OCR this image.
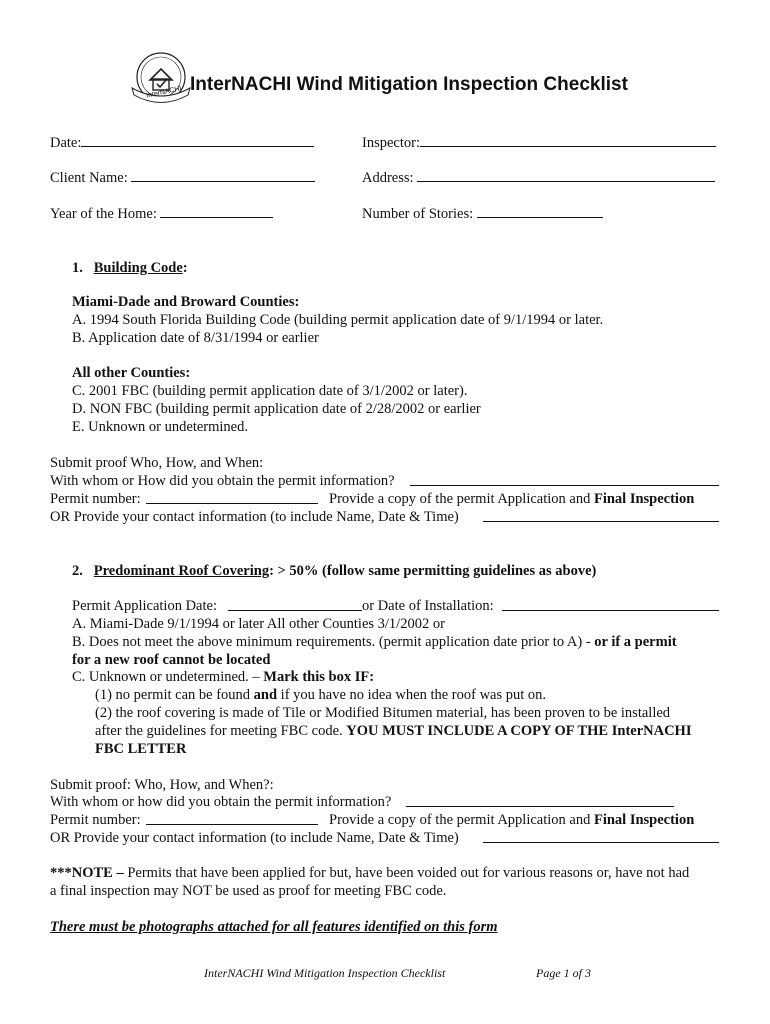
InterNACHI InterNACHI Wind Mitigation Inspection Checklist
Date:	Inspector:
Client Name:	Address:
Year of the Home:	Number of Stories:
1. Building Code:
Miami-Dade and Broward Counties:
A. 1994 South Florida Building Code (building permit application date of 9/1/1994 or later.
B. Application date of 8/31/1994 or earlier
All other Counties:
C. 2001 FBC (building permit application date of 3/1/2002 or later).
D. NON FBC (building permit application date of 2/28/2002 or earlier
E. Unknown or undetermined.
Submit proof Who, How, and When:
With whom or How did you obtain the permit information?
Permit number:	Provide a copy of the permit Application and Final Inspection
OR Provide your contact information (to include Name, Date & Time)
2. Predominant Roof Covering: > 50% (follow same permitting guidelines as above)
Permit Application Date:	or Date of Installation:
A. Miami-Dade 9/1/1994 or later All other Counties 3/1/2002 or
B. Does not meet the above minimum requirements. (permit application date prior to A) - or if a permit
for a new roof cannot be located
C. Unknown or undetermined. – Mark this box IF:
(1) no permit can be found and if you have no idea when the roof was put on.
(2) the roof covering is made of Tile or Modified Bitumen material, has been proven to be installed
after the guidelines for meeting FBC code. YOU MUST INCLUDE A COPY OF THE InterNACHI
FBC LETTER
Submit proof: Who, How, and When?:
With whom or how did you obtain the permit information?
Permit number:	Provide a copy of the permit Application and Final Inspection
OR Provide your contact information (to include Name, Date & Time)
***NOTE – Permits that have been applied for but, have been voided out for various reasons or, have not had
a final inspection may NOT be used as proof for meeting FBC code.
There must be photographs attached for all features identified on this form
InterNACHI Wind Mitigation Inspection Checklist	Page 1 of 3
